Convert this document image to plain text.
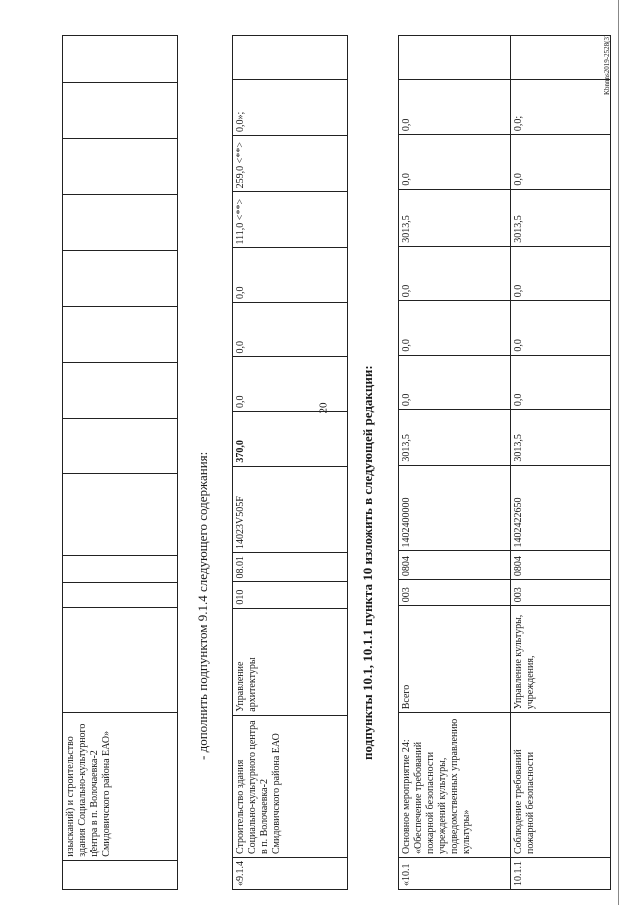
20
Kbnnns2019-2528(3)
	изысканий) и строительство здания Социально-культурного центра в п. Волочаевка-2 Смидовичского района ЕАО»												
- дополнить подпунктом 9.1.4 следующего содержания:
«9.1.4	Строительство здания Социально-культурного центра в п. Волочаевка-2 Смидовичского района ЕАО	Управление архитектуры	010	08.01	14023V505F	370,0	0,0	0,0	0,0	111,0 <**>	259,0 <**>	0,0»;	
подпункты 10.1, 10.1.1 пункта 10 изложить в следующей редакции:
«10.1	Основное мероприятие 24: «Обеспечение требований пожарной безопасности учреждений культуры, подведомственных управлению культуры»	Всего	003	0804	1402400000	3013,5	0,0	0,0	0,0	3013,5	0,0	0,0	
10.1.1	Соблюдение требований пожарной безопасности	Управление культуры, учреждения,	003	0804	1402422650	3013,5	0,0	0,0	0,0	3013,5	0,0	0,0;	
